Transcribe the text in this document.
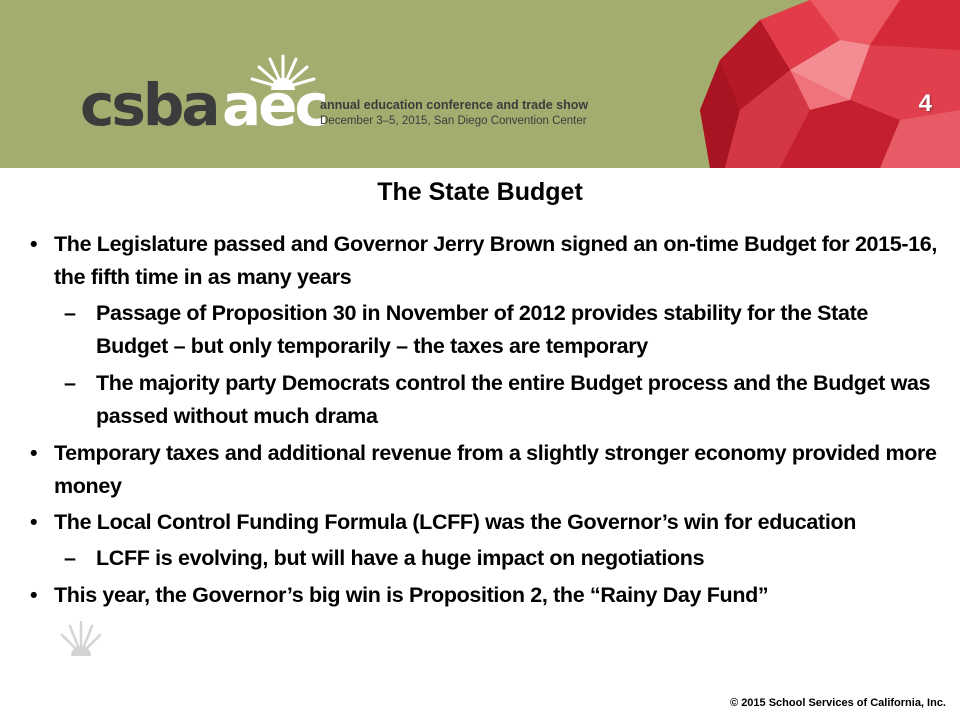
csba aec
annual education conference and trade show
December 3–5, 2015, San Diego Convention Center
4
The State Budget
• The Legislature passed and Governor Jerry Brown signed an on-time Budget for 2015-16, the fifth time in as many years
– Passage of Proposition 30 in November of 2012 provides stability for the State Budget – but only temporarily – the taxes are temporary
– The majority party Democrats control the entire Budget process and the Budget was passed without much drama
• Temporary taxes and additional revenue from a slightly stronger economy provided more money
• The Local Control Funding Formula (LCFF) was the Governor’s win for education
– LCFF is evolving, but will have a huge impact on negotiations
• This year, the Governor’s big win is Proposition 2, the “Rainy Day Fund”
© 2015 School Services of California, Inc.
